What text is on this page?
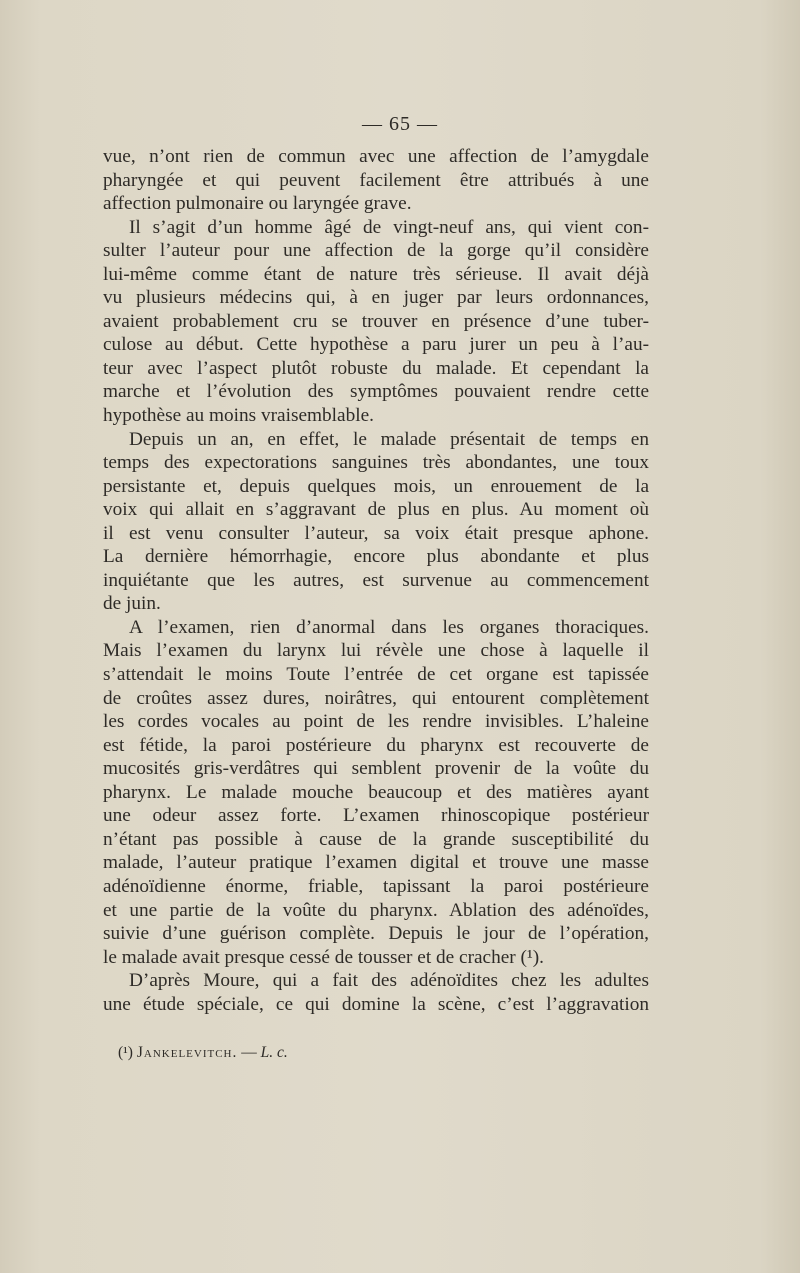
— 65 —
vue, n’ont rien de commun avec une affection de l’amygdale
pharyngée et qui peuvent facilement être attribués à une
affection pulmonaire ou laryngée grave.
Il s’agit d’un homme âgé de vingt-neuf ans, qui vient con-
sulter l’auteur pour une affection de la gorge qu’il considère
lui-même comme étant de nature très sérieuse. Il avait déjà
vu plusieurs médecins qui, à en juger par leurs ordonnances,
avaient probablement cru se trouver en présence d’une tuber-
culose au début. Cette hypothèse a paru jurer un peu à l’au-
teur avec l’aspect plutôt robuste du malade. Et cependant la
marche et l’évolution des symptômes pouvaient rendre cette
hypothèse au moins vraisemblable.
Depuis un an, en effet, le malade présentait de temps en
temps des expectorations sanguines très abondantes, une toux
persistante et, depuis quelques mois, un enrouement de la
voix qui allait en s’aggravant de plus en plus. Au moment où
il est venu consulter l’auteur, sa voix était presque aphone.
La dernière hémorrhagie, encore plus abondante et plus
inquiétante que les autres, est survenue au commencement
de juin.
A l’examen, rien d’anormal dans les organes thoraciques.
Mais l’examen du larynx lui révèle une chose à laquelle il
s’attendait le moins Toute l’entrée de cet organe est tapissée
de croûtes assez dures, noirâtres, qui entourent complètement
les cordes vocales au point de les rendre invisibles. L’haleine
est fétide, la paroi postérieure du pharynx est recouverte de
mucosités gris-verdâtres qui semblent provenir de la voûte du
pharynx. Le malade mouche beaucoup et des matières ayant
une odeur assez forte. L’examen rhinoscopique postérieur
n’étant pas possible à cause de la grande susceptibilité du
malade, l’auteur pratique l’examen digital et trouve une masse
adénoïdienne énorme, friable, tapissant la paroi postérieure
et une partie de la voûte du pharynx. Ablation des adénoïdes,
suivie d’une guérison complète. Depuis le jour de l’opération,
le malade avait presque cessé de tousser et de cracher (¹).
D’après Moure, qui a fait des adénoïdites chez les adultes
une étude spéciale, ce qui domine la scène, c’est l’aggravation
(¹) Jankelevitch. — L. c.
